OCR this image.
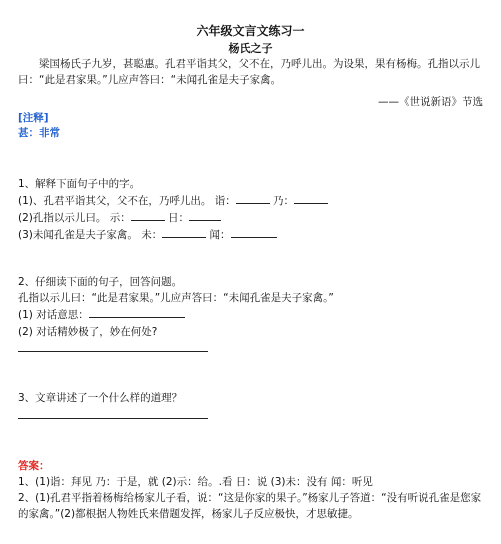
六年级文言文练习一
杨氏之子
梁国杨氏子九岁，甚聪惠。孔君平诣其父，父不在，乃呼儿出。为设果，果有杨梅。孔指以示儿曰：“此是君家果。”儿应声答曰：“未闻孔雀是夫子家禽。
——《世说新语》节选
[注释]
甚：非常
1、解释下面句子中的字。
(1)、孔君平诣其父，父不在，乃呼儿出。 诣：	乃：
(2)孔指以示儿曰。 示：	日：
(3)未闻孔雀是夫子家禽。 未：	闻：
2、仔细读下面的句子，回答问题。
孔指以示儿曰：“此是君家果。”儿应声答曰：“未闻孔雀是夫子家禽。”
(1) 对话意思：
(2) 对话精妙极了，妙在何处?
3、文章讲述了一个什么样的道理？
答案：
1、(1)诣：拜见 乃：于是，就 (2)示：给。.看 日：说 (3)未：没有 闻：听见
2、(1)孔君平指着杨梅给杨家儿子看，说：“这是你家的果子。”杨家儿子答道：“没有听说孔雀是您家的家禽。”(2)都根据人物姓氏来借题发挥，杨家儿子反应极快，才思敏捷。
